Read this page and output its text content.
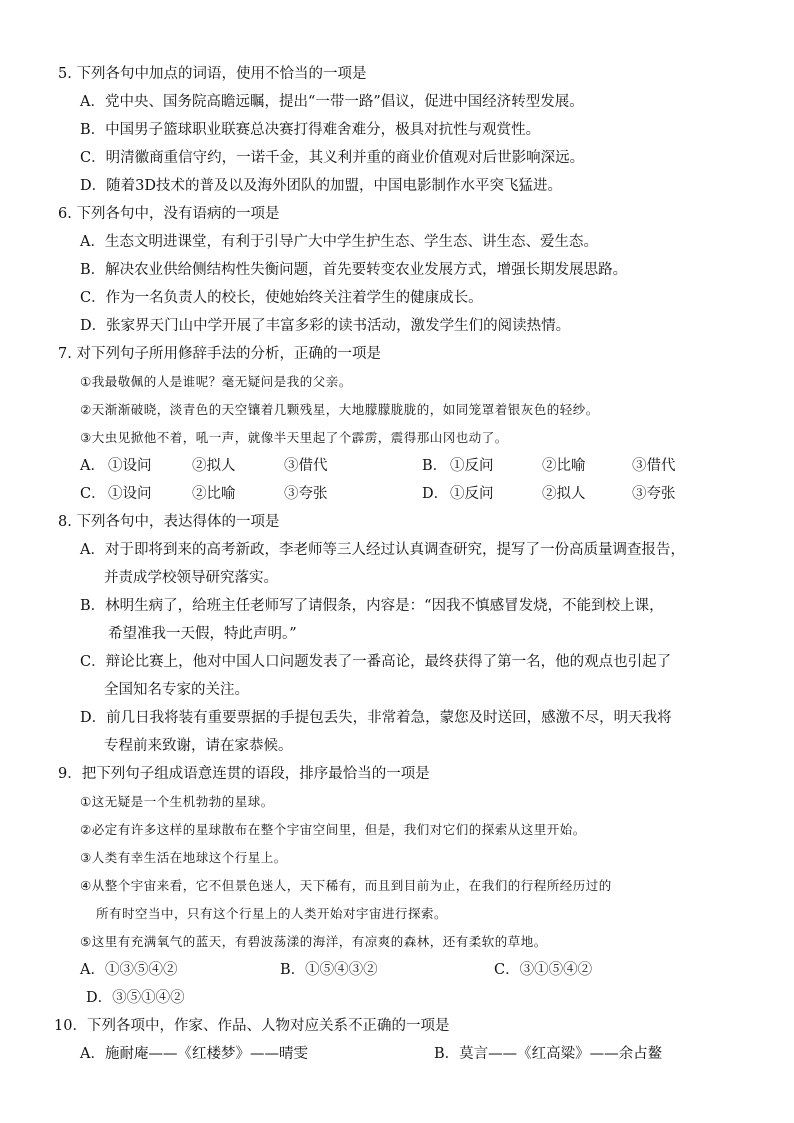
5. 下列各句中加点的词语，使用不恰当的一项是
A．党中央、国务院高瞻远瞩，提出“一带一路”倡议，促进中国经济转型发展。
B．中国男子篮球职业联赛总决赛打得难舍难分，极具对抗性与观赏性。
C．明清徽商重信守约，一诺千金，其义利并重的商业价值观对后世影响深远。
D．随着3D技术的普及以及海外团队的加盟，中国电影制作水平突飞猛进。
6. 下列各句中，没有语病的一项是
A．生态文明进课堂，有利于引导广大中学生护生态、学生态、讲生态、爱生态。
B．解决农业供给侧结构性失衡问题，首先要转变农业发展方式，增强长期发展思路。
C．作为一名负责人的校长，使她始终关注着学生的健康成长。
D．张家界天门山中学开展了丰富多彩的读书活动，激发学生们的阅读热情。
7. 对下列句子所用修辞手法的分析，正确的一项是
①我最敬佩的人是谁呢？毫无疑问是我的父亲。
②天渐渐破晓，淡青色的天空镶着几颗残星，大地朦朦胧胧的，如同笼罩着银灰色的轻纱。
③大虫见掀他不着，吼一声，就像半天里起了个霹雳，震得那山冈也动了。
A． ①设问	②拟人	③借代	B． ①反问	②比喻	③借代
C． ①设问	②比喻	③夸张	D． ①反问	②拟人	③夸张
8. 下列各句中，表达得体的一项是
A．对于即将到来的高考新政，李老师等三人经过认真调查研究，提写了一份高质量调查报告，
并责成学校领导研究落实。
B．林明生病了，给班主任老师写了请假条，内容是：“因我不慎感冒发烧，不能到校上课，
希望准我一天假，特此声明。”
C．辩论比赛上，他对中国人口问题发表了一番高论，最终获得了第一名，他的观点也引起了
全国知名专家的关注。
D．前几日我将装有重要票据的手提包丢失，非常着急，蒙您及时送回，感激不尽，明天我将
专程前来致谢，请在家恭候。
9．把下列句子组成语意连贯的语段，排序最恰当的一项是
①这无疑是一个生机勃勃的星球。
②必定有许多这样的星球散布在整个宇宙空间里，但是，我们对它们的探索从这里开始。
③人类有幸生活在地球这个行星上。
④从整个宇宙来看，它不但景色迷人，天下稀有，而且到目前为止，在我们的行程所经历过的
所有时空当中，只有这个行星上的人类开始对宇宙进行探索。
⑤这里有充满氧气的蓝天，有碧波荡漾的海洋，有凉爽的森林，还有柔软的草地。
A．①③⑤④②	B．①⑤④③②	C．③①⑤④②
D．③⑤①④②
10．下列各项中，作家、作品、人物对应关系不正确的一项是
A．施耐庵——《红楼梦》——晴雯	B．莫言——《红高粱》——余占鳌
